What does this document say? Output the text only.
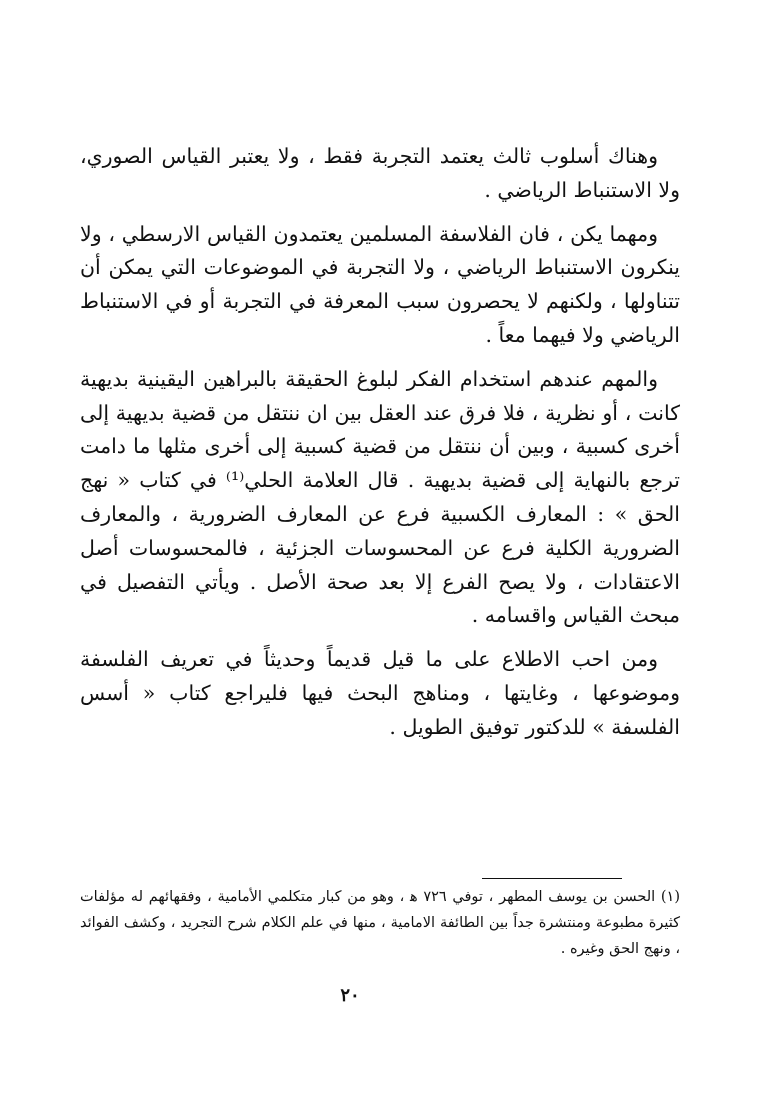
وهناك أسلوب ثالث يعتمد التجربة فقط ، ولا يعتبر القياس الصوري، ولا الاستنباط الرياضي .

ومهما يكن ، فان الفلاسفة المسلمين يعتمدون القياس الارسطي ، ولا ينكرون الاستنباط الرياضي ، ولا التجربة في الموضوعات التي يمكن أن تتناولها ، ولكنهم لا يحصرون سبب المعرفة في التجربة أو في الاستنباط الرياضي ولا فيهما معاً .

والمهم عندهم استخدام الفكر لبلوغ الحقيقة بالبراهين اليقينية بديهية كانت ، أو نظرية ، فلا فرق عند العقل بين ان ننتقل من قضية بديهية إلى أخرى كسبية ، وبين أن ننتقل من قضية كسبية إلى أخرى مثلها ما دامت ترجع بالنهاية إلى قضية بديهية . قال العلامة الحلي⁽¹⁾ في كتاب « نهج الحق » : المعارف الكسبية فرع عن المعارف الضرورية ، والمعارف الضرورية الكلية فرع عن المحسوسات الجزئية ، فالمحسوسات أصل الاعتقادات ، ولا يصح الفرع إلا بعد صحة الأصل . ويأتي التفصيل في مبحث القياس واقسامه .

ومن احب الاطلاع على ما قيل قديماً وحديثاً في تعريف الفلسفة وموضوعها ، وغايتها ، ومناهج البحث فيها فليراجع كتاب « أسس الفلسفة » للدكتور توفيق الطويل .

(١) الحسن بن يوسف المطهر ، توفي ٧٢٦ ﻫ ، وهو من كبار متكلمي الأمامية ، وفقهائهم له مؤلفات كثيرة مطبوعة ومنتشرة جداً بين الطائفة الامامية ، منها في علم الكلام شرح التجريد ، وكشف الفوائد ، ونهج الحق وغيره .

٢٠
